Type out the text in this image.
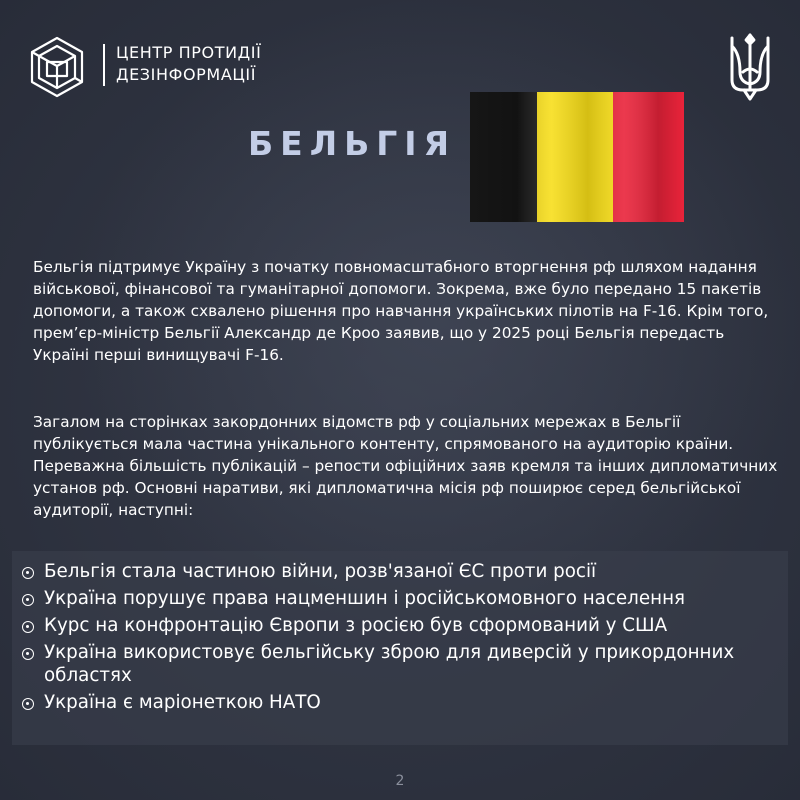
ЦЕНТР ПРОТИДІЇ
ДЕЗІНФОРМАЦІЇ
БЕЛЬГІЯ

Бельгія підтримує Україну з початку повномасштабного вторгнення рф шляхом надання військової, фінансової та гуманітарної допомоги. Зокрема, вже було передано 15 пакетів допомоги, а також схвалено рішення про навчання українських пілотів на F-16. Крім того, прем’єр-міністр Бельгії Александр де Кроо заявив, що у 2025 році Бельгія передасть Україні перші винищувачі F-16.

Загалом на сторінках закордонних відомств рф у соціальних мережах в Бельгії публікується мала частина унікального контенту, спрямованого на аудиторію країни. Переважна більшість публікацій – репости офіційних заяв кремля та інших дипломатичних установ рф. Основні наративи, які дипломатична місія рф поширює серед бельгійської аудиторії, наступні:

Бельгія стала частиною війни, розв'язаної ЄС проти росії
Україна порушує права нацменшин і російськомовного населення
Курс на конфронтацію Європи з росією був сформований у США
Україна використовує бельгійську зброю для диверсій у прикордонних областях
Україна є маріонеткою НАТО
2
